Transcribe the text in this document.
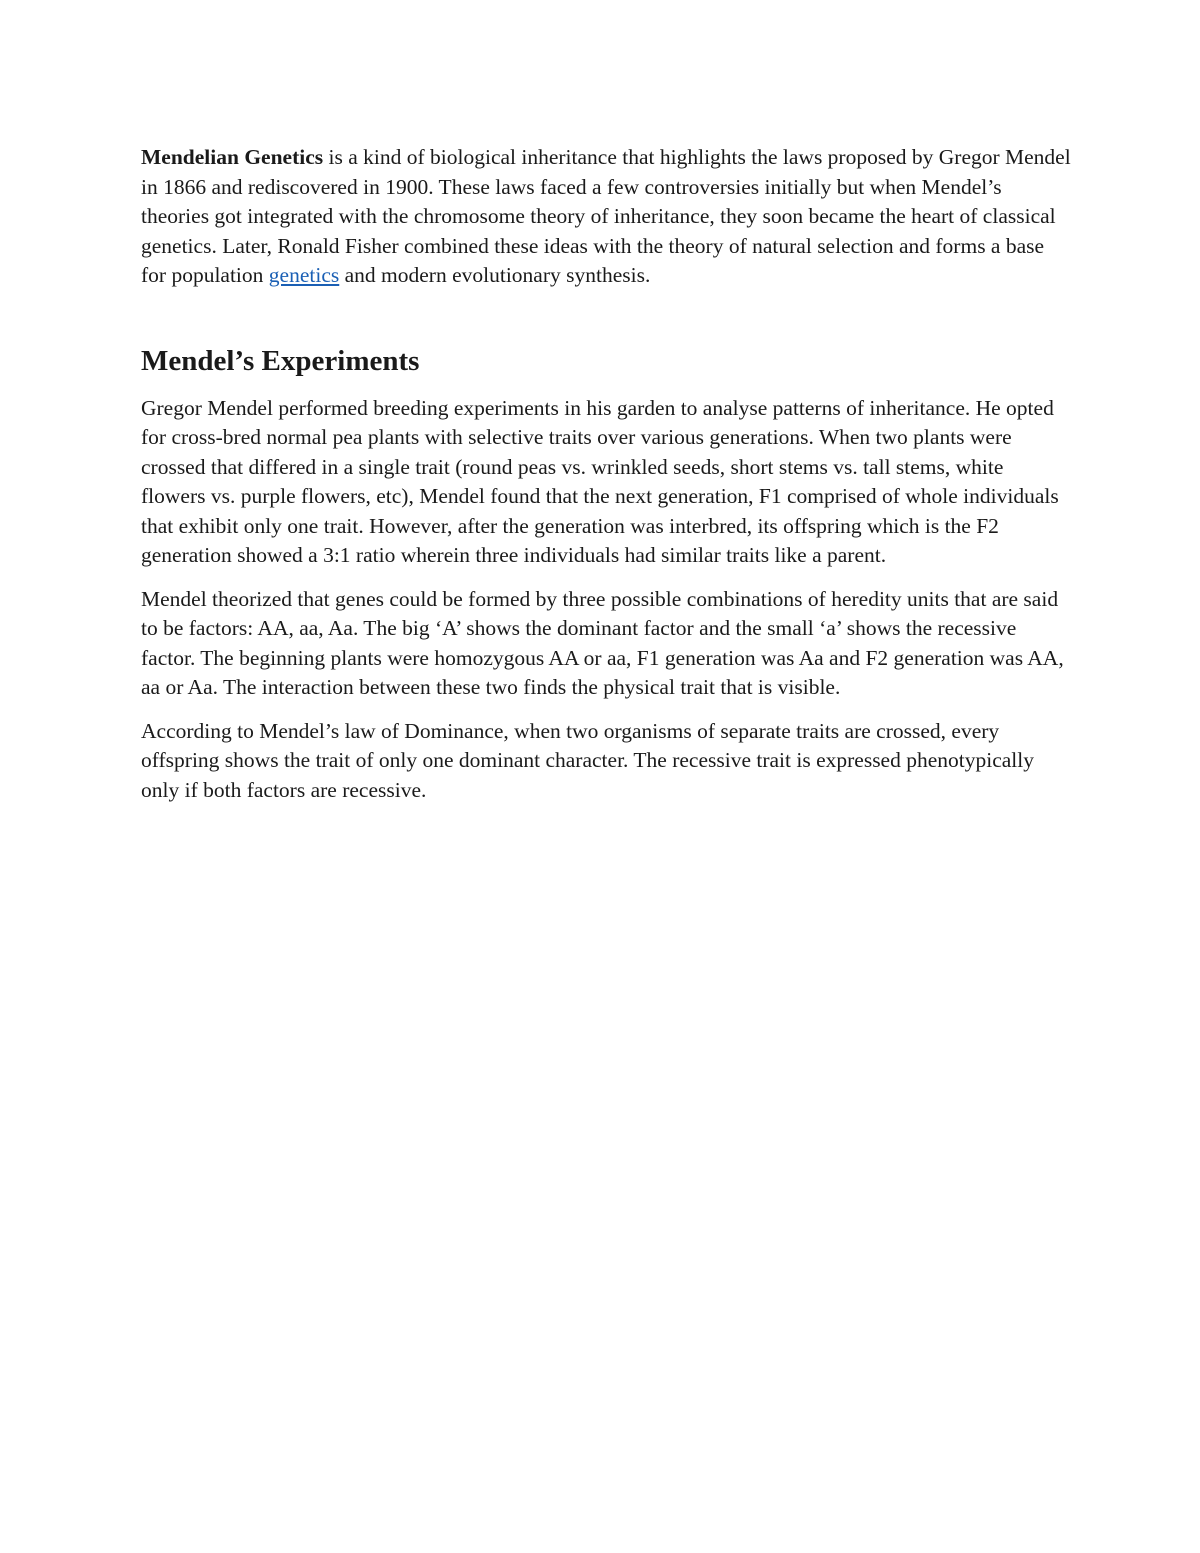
Mendelian Genetics is a kind of biological inheritance that highlights the laws proposed by Gregor Mendel in 1866 and rediscovered in 1900. These laws faced a few controversies initially but when Mendel’s theories got integrated with the chromosome theory of inheritance, they soon became the heart of classical genetics. Later, Ronald Fisher combined these ideas with the theory of natural selection and forms a base for population genetics and modern evolutionary synthesis.

Mendel’s Experiments

Gregor Mendel performed breeding experiments in his garden to analyse patterns of inheritance. He opted for cross-bred normal pea plants with selective traits over various generations. When two plants were crossed that differed in a single trait (round peas vs. wrinkled seeds, short stems vs. tall stems, white flowers vs. purple flowers, etc), Mendel found that the next generation, F1 comprised of whole individuals that exhibit only one trait. However, after the generation was interbred, its offspring which is the F2 generation showed a 3:1 ratio wherein three individuals had similar traits like a parent.

Mendel theorized that genes could be formed by three possible combinations of heredity units that are said to be factors: AA, aa, Aa. The big ‘A’ shows the dominant factor and the small ‘a’ shows the recessive factor. The beginning plants were homozygous AA or aa, F1 generation was Aa and F2 generation was AA, aa or Aa. The interaction between these two finds the physical trait that is visible.

According to Mendel’s law of Dominance, when two organisms of separate traits are crossed, every offspring shows the trait of only one dominant character. The recessive trait is expressed phenotypically only if both factors are recessive.
